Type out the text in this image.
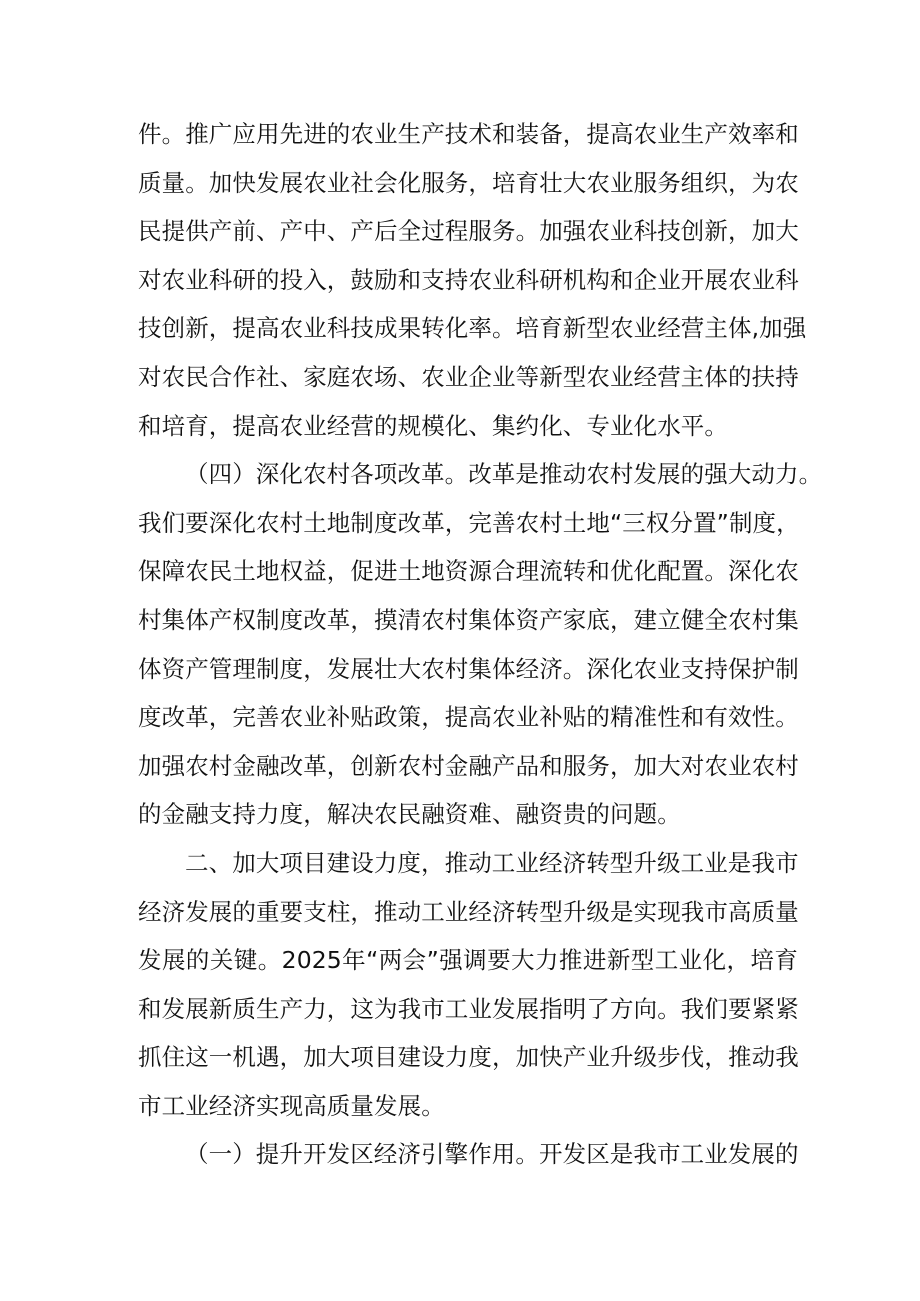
件。推广应用先进的农业生产技术和装备，提高农业生产效率和
质量。加快发展农业社会化服务，培育壮大农业服务组织，为农
民提供产前、产中、产后全过程服务。加强农业科技创新，加大
对农业科研的投入，鼓励和支持农业科研机构和企业开展农业科
技创新，提高农业科技成果转化率。培育新型农业经营主体,加强
对农民合作社、家庭农场、农业企业等新型农业经营主体的扶持
和培育，提高农业经营的规模化、集约化、专业化水平。
（四）深化农村各项改革。改革是推动农村发展的强大动力。
我们要深化农村土地制度改革，完善农村土地“三权分置”制度，
保障农民土地权益，促进土地资源合理流转和优化配置。深化农
村集体产权制度改革，摸清农村集体资产家底，建立健全农村集
体资产管理制度，发展壮大农村集体经济。深化农业支持保护制
度改革，完善农业补贴政策，提高农业补贴的精准性和有效性。
加强农村金融改革，创新农村金融产品和服务，加大对农业农村
的金融支持力度，解决农民融资难、融资贵的问题。
二、加大项目建设力度，推动工业经济转型升级工业是我市
经济发展的重要支柱，推动工业经济转型升级是实现我市高质量
发展的关键。2025年“两会”强调要大力推进新型工业化，培育
和发展新质生产力，这为我市工业发展指明了方向。我们要紧紧
抓住这一机遇，加大项目建设力度，加快产业升级步伐，推动我
市工业经济实现高质量发展。
（一）提升开发区经济引擎作用。开发区是我市工业发展的
